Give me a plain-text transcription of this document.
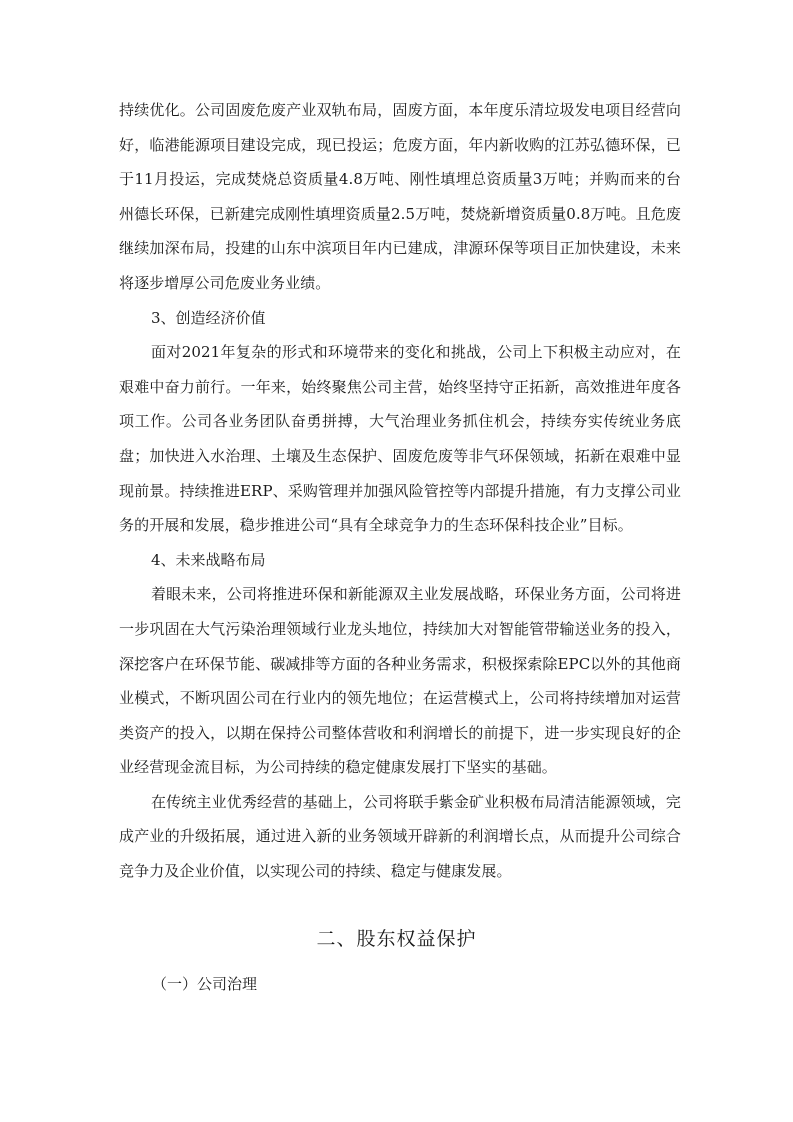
持续优化。公司固废危废产业双轨布局，固废方面，本年度乐清垃圾发电项目经营向好，临港能源项目建设完成，现已投运；危废方面，年内新收购的江苏弘德环保，已于11月投运，完成焚烧总资质量4.8万吨、刚性填埋总资质量3万吨；并购而来的台州德长环保，已新建完成刚性填埋资质量2.5万吨，焚烧新增资质量0.8万吨。且危废继续加深布局，投建的山东中滨项目年内已建成，津源环保等项目正加快建设，未来将逐步增厚公司危废业务业绩。

3、创造经济价值

面对2021年复杂的形式和环境带来的变化和挑战，公司上下积极主动应对，在艰难中奋力前行。一年来，始终聚焦公司主营，始终坚持守正拓新，高效推进年度各项工作。公司各业务团队奋勇拼搏，大气治理业务抓住机会，持续夯实传统业务底盘；加快进入水治理、土壤及生态保护、固废危废等非气环保领域，拓新在艰难中显现前景。持续推进ERP、采购管理并加强风险管控等内部提升措施，有力支撑公司业务的开展和发展，稳步推进公司“具有全球竞争力的生态环保科技企业”目标。

4、未来战略布局

着眼未来，公司将推进环保和新能源双主业发展战略，环保业务方面，公司将进一步巩固在大气污染治理领域行业龙头地位，持续加大对智能管带输送业务的投入，深挖客户在环保节能、碳减排等方面的各种业务需求，积极探索除EPC以外的其他商业模式，不断巩固公司在行业内的领先地位；在运营模式上，公司将持续增加对运营类资产的投入，以期在保持公司整体营收和利润增长的前提下，进一步实现良好的企业经营现金流目标，为公司持续的稳定健康发展打下坚实的基础。

在传统主业优秀经营的基础上，公司将联手紫金矿业积极布局清洁能源领域，完成产业的升级拓展，通过进入新的业务领域开辟新的利润增长点，从而提升公司综合竞争力及企业价值，以实现公司的持续、稳定与健康发展。

二、股东权益保护
（一）公司治理
